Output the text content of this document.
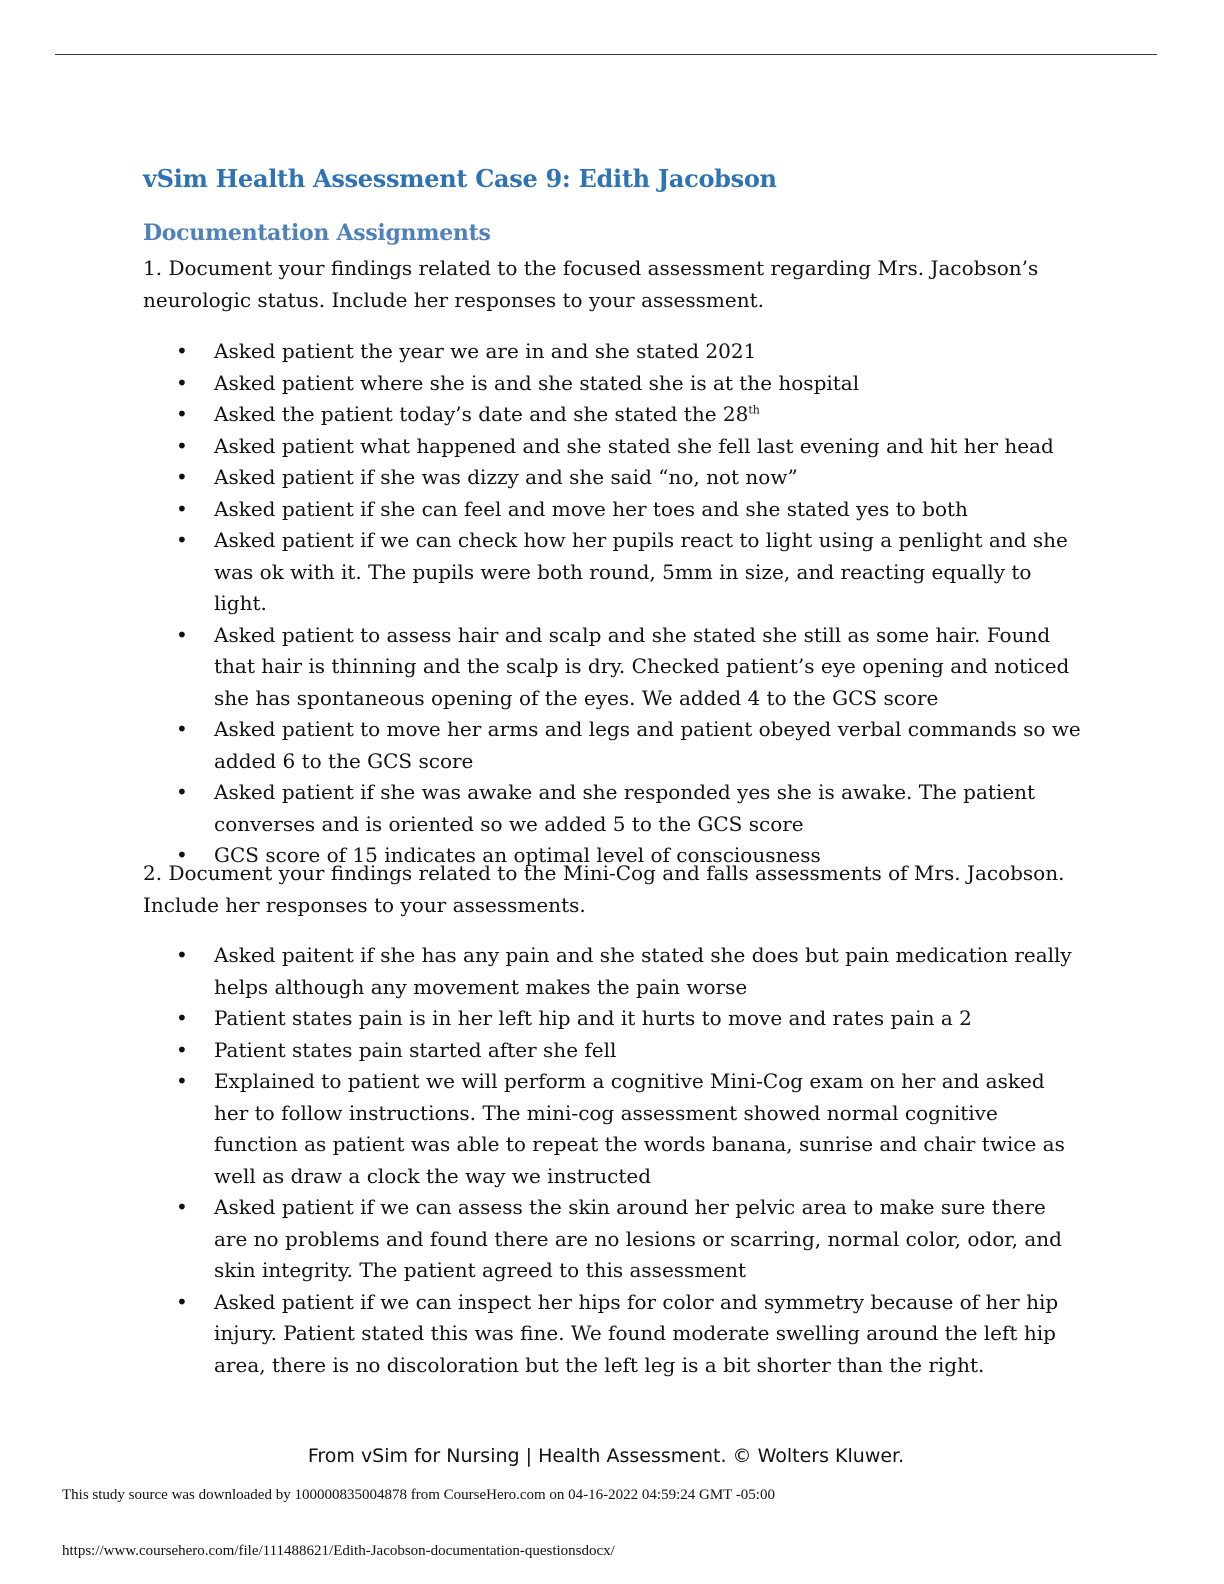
vSim Health Assessment Case 9: Edith Jacobson
Documentation Assignments

1. Document your findings related to the focused assessment regarding Mrs. Jacobson’s neurologic status. Include her responses to your assessment.

• Asked patient the year we are in and she stated 2021
• Asked patient where she is and she stated she is at the hospital
• Asked the patient today’s date and she stated the 28th
• Asked patient what happened and she stated she fell last evening and hit her head
• Asked patient if she was dizzy and she said “no, not now”
• Asked patient if she can feel and move her toes and she stated yes to both
• Asked patient if we can check how her pupils react to light using a penlight and she was ok with it. The pupils were both round, 5mm in size, and reacting equally to light.
• Asked patient to assess hair and scalp and she stated she still as some hair. Found that hair is thinning and the scalp is dry. Checked patient’s eye opening and noticed she has spontaneous opening of the eyes. We added 4 to the GCS score
• Asked patient to move her arms and legs and patient obeyed verbal commands so we added 6 to the GCS score
• Asked patient if she was awake and she responded yes she is awake. The patient converses and is oriented so we added 5 to the GCS score
• GCS score of 15 indicates an optimal level of consciousness

2. Document your findings related to the Mini-Cog and falls assessments of Mrs. Jacobson. Include her responses to your assessments.

• Asked paitent if she has any pain and she stated she does but pain medication really helps although any movement makes the pain worse
• Patient states pain is in her left hip and it hurts to move and rates pain a 2
• Patient states pain started after she fell
• Explained to patient we will perform a cognitive Mini-Cog exam on her and asked her to follow instructions. The mini-cog assessment showed normal cognitive function as patient was able to repeat the words banana, sunrise and chair twice as well as draw a clock the way we instructed
• Asked patient if we can assess the skin around her pelvic area to make sure there are no problems and found there are no lesions or scarring, normal color, odor, and skin integrity. The patient agreed to this assessment
• Asked patient if we can inspect her hips for color and symmetry because of her hip injury. Patient stated this was fine. We found moderate swelling around the left hip area, there is no discoloration but the left leg is a bit shorter than the right.

From vSim for Nursing | Health Assessment. © Wolters Kluwer.

This study source was downloaded by 100000835004878 from CourseHero.com on 04-16-2022 04:59:24 GMT -05:00

https://www.coursehero.com/file/111488621/Edith-Jacobson-documentation-questionsdocx/
